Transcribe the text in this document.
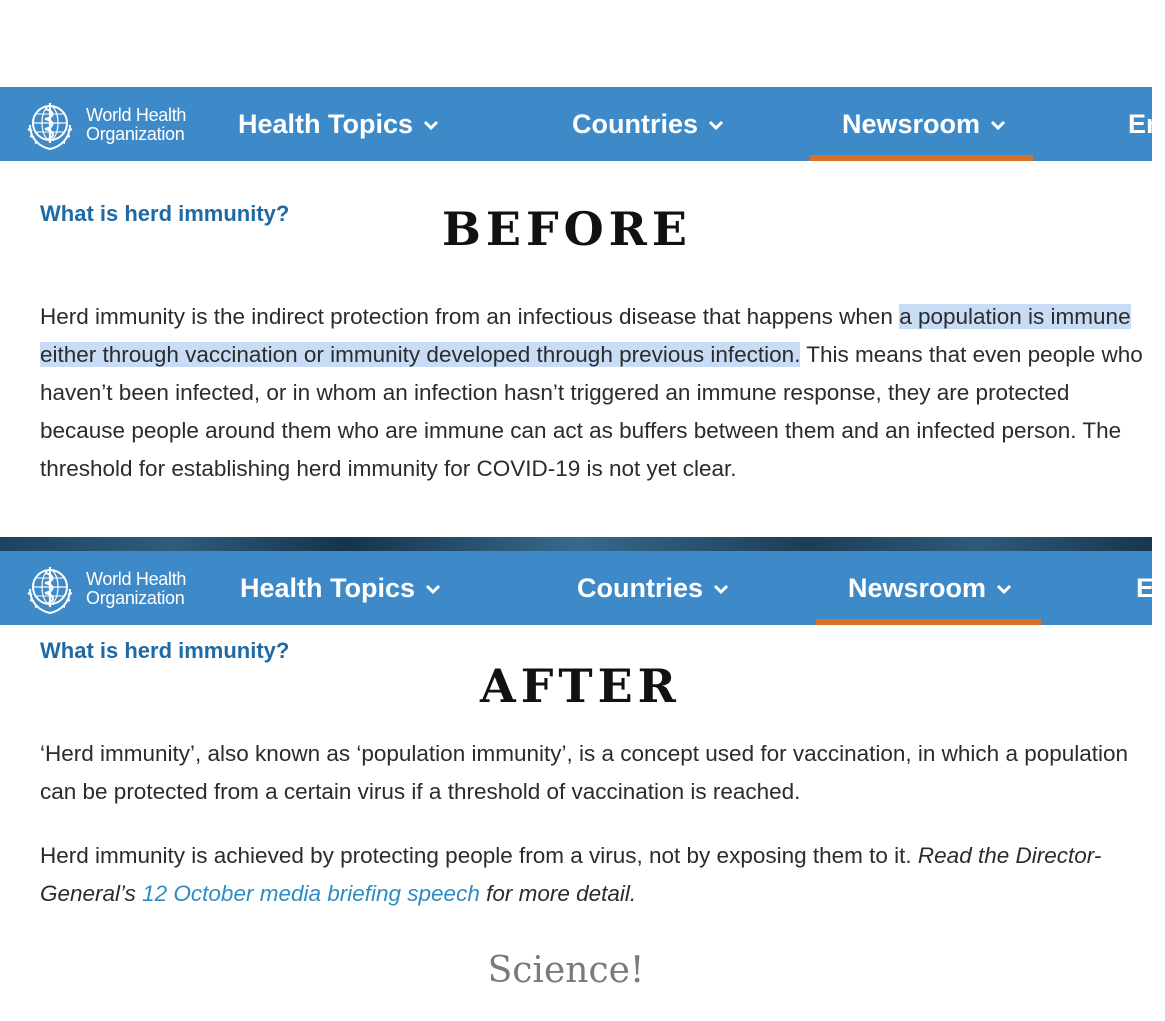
World Health
Organization Health Topics	Countries	Newsroom	Er
What is herd immunity?	BEFORE

Herd immunity is the indirect protection from an infectious disease that happens when a population is immune either through vaccination or immunity developed through previous infection. This means that even people who haven’t been infected, or in whom an infection hasn’t triggered an immune response, they are protected because people around them who are immune can act as buffers between them and an infected person. The threshold for establishing herd immunity for COVID-19 is not yet clear.

World Health
Organization Health Topics	Countries	Newsroom	Er
What is herd immunity?
AFTER

‘Herd immunity’, also known as ‘population immunity’, is a concept used for vaccination, in which a population can be protected from a certain virus if a threshold of vaccination is reached.

Herd immunity is achieved by protecting people from a virus, not by exposing them to it. Read the Director-General’s 12 October media briefing speech for more detail.

Science!
